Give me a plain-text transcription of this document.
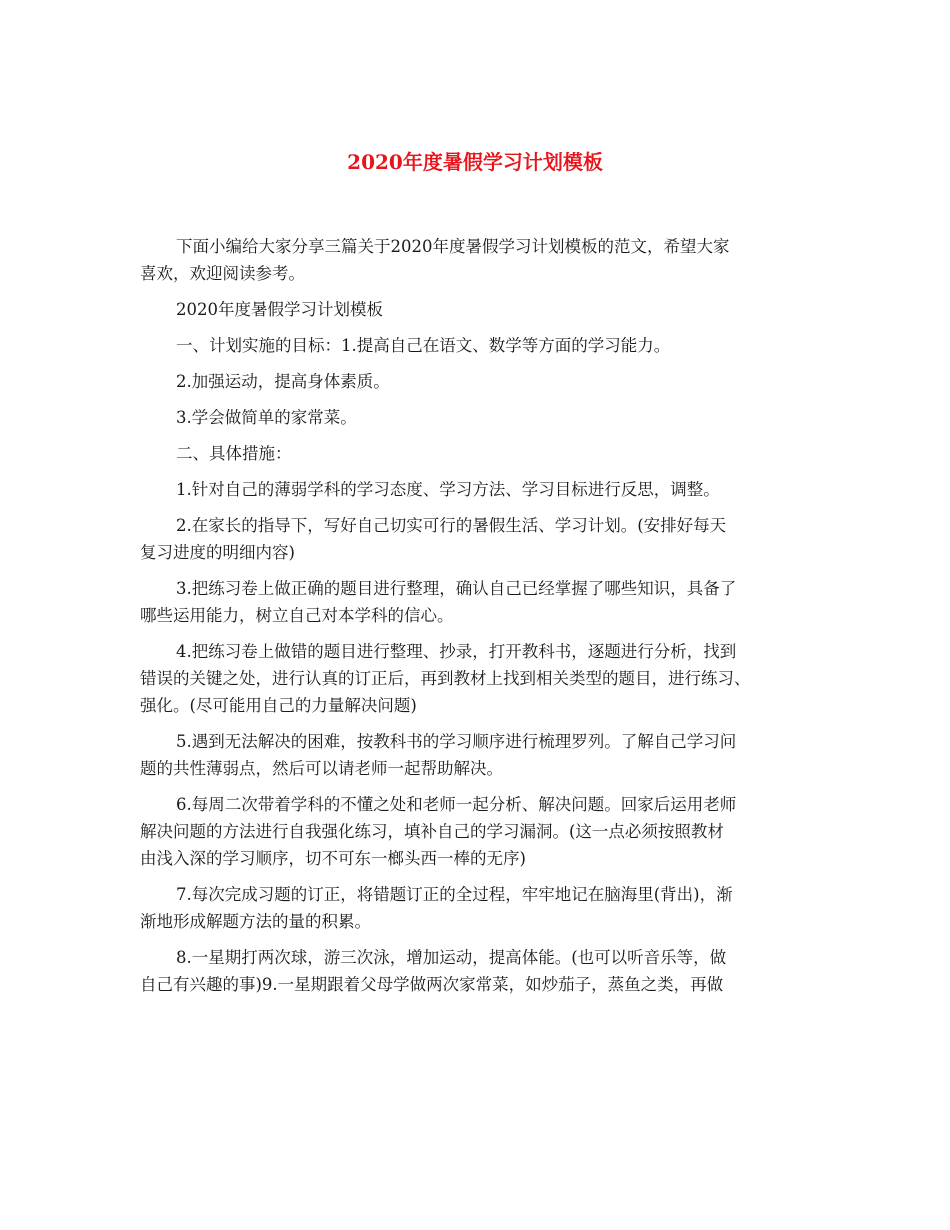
2020年度暑假学习计划模板
下面小编给大家分享三篇关于2020年度暑假学习计划模板的范文，希望大家
喜欢，欢迎阅读参考。
2020年度暑假学习计划模板
一、计划实施的目标：1.提高自己在语文、数学等方面的学习能力。
2.加强运动，提高身体素质。
3.学会做简单的家常菜。
二、具体措施：
1.针对自己的薄弱学科的学习态度、学习方法、学习目标进行反思，调整。
2.在家长的指导下，写好自己切实可行的暑假生活、学习计划。(安排好每天
复习进度的明细内容)
3.把练习卷上做正确的题目进行整理，确认自己已经掌握了哪些知识，具备了
哪些运用能力，树立自己对本学科的信心。
4.把练习卷上做错的题目进行整理、抄录，打开教科书，逐题进行分析，找到
错误的关键之处，进行认真的订正后，再到教材上找到相关类型的题目，进行练习、
强化。(尽可能用自己的力量解决问题)
5.遇到无法解决的困难，按教科书的学习顺序进行梳理罗列。了解自己学习问
题的共性薄弱点，然后可以请老师一起帮助解决。
6.每周二次带着学科的不懂之处和老师一起分析、解决问题。回家后运用老师
解决问题的方法进行自我强化练习，填补自己的学习漏洞。(这一点必须按照教材
由浅入深的学习顺序，切不可东一榔头西一棒的无序)
7.每次完成习题的订正，将错题订正的全过程，牢牢地记在脑海里(背出)，渐
渐地形成解题方法的量的积累。
8.一星期打两次球，游三次泳，增加运动，提高体能。(也可以听音乐等，做
自己有兴趣的事)9.一星期跟着父母学做两次家常菜，如炒茄子，蒸鱼之类，再做
